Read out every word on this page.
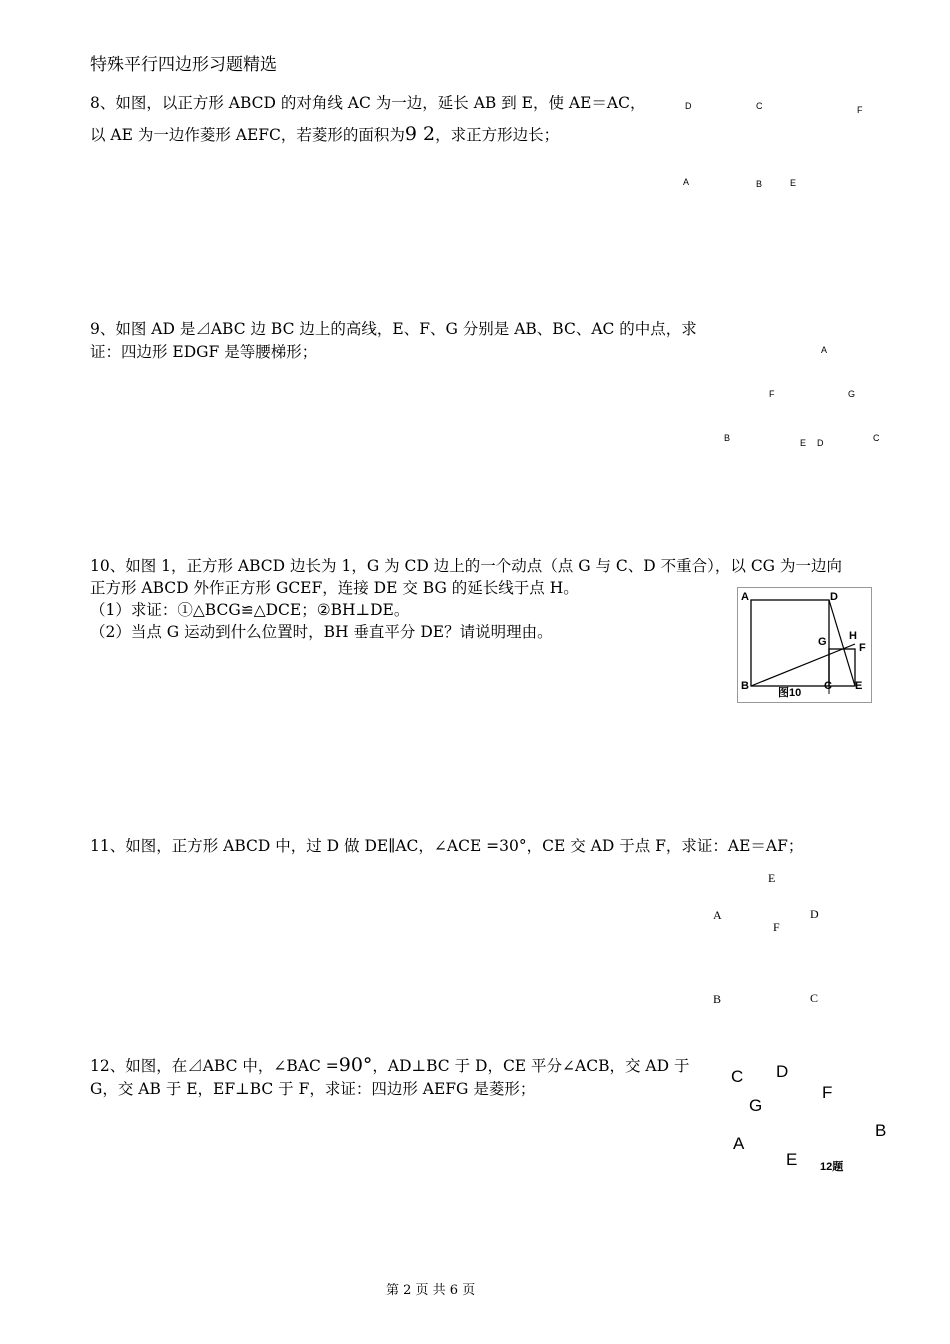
特殊平行四边形习题精选
8、如图，以正方形 ABCD 的对角线 AC 为一边，延长 AB 到 E，使 AE＝AC，
以 AE 为一边作菱形 AEFC，若菱形的面积为9 2，求正方形边长；
D	C	F
A	B	E
9、如图 AD 是⊿ABC 边 BC 边上的高线，E、F、G 分别是 AB、BC、AC 的中点，求
证：四边形 EDGF 是等腰梯形；	A
F	G
B	E D	C
10、如图 1，正方形 ABCD 边长为 1，G 为 CD 边上的一个动点（点 G 与 C、D 不重合），以 CG 为一边向
正方形 ABCD 外作正方形 GCEF，连接 DE 交 BG 的延长线于点 H。
（1）求证：①△BCG≌△DCE；②BH⊥DE。
（2）当点 G 运动到什么位置时，BH 垂直平分 DE？请说明理由。
A	D
G H
F
B	C E
图10
11、如图，正方形 ABCD 中，过 D 做 DE∥AC，∠ACE =30°，CE 交 AD 于点 F，求证：AE＝AF；
E
A	D
F
B	C
12、如图，在⊿ABC 中，∠BAC =90°，AD⊥BC 于 D，CE 平分∠ACB，交 AD 于
G，交 AB 于 E，EF⊥BC 于 F，求证：四边形 AEFG 是菱形；
C D
F
G
B
A
E 12题
第 2 页 共 6 页
